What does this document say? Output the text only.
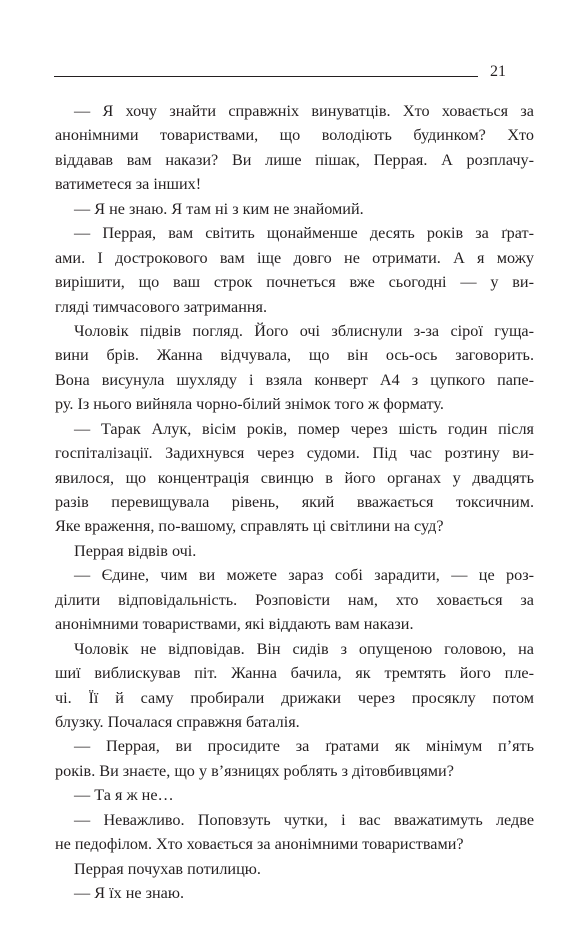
21
— Я хочу знайти справжніх винуватців. Хто ховається за
анонімними товариствами, що володіють будинком? Хто
віддавав вам накази? Ви лише пішак, Перрая. А розплачу-
ватиметеся за інших!
— Я не знаю. Я там ні з ким не знайомий.
— Перрая, вам світить щонайменше десять років за ґрат-
ами. І дострокового вам іще довго не отримати. А я можу
вирішити, що ваш строк почнеться вже сьогодні — у ви-
гляді тимчасового затримання.
Чоловік підвів погляд. Його очі зблиснули з-за сірої гуща-
вини брів. Жанна відчувала, що він ось-ось заговорить.
Вона висунула шухляду і взяла конверт А4 з цупкого папе-
ру. Із нього вийняла чорно-білий знімок того ж формату.
— Тарак Алук, вісім років, помер через шість годин після
госпіталізації. Задихнувся через судоми. Під час розтину ви-
явилося, що концентрація свинцю в його органах у двадцять
разів перевищувала рівень, який вважається токсичним.
Яке враження, по-вашому, справлять ці світлини на суд?
Перрая відвів очі.
— Єдине, чим ви можете зараз собі зарадити, — це роз-
ділити відповідальність. Розповісти нам, хто ховається за
анонімними товариствами, які віддають вам накази.
Чоловік не відповідав. Він сидів з опущеною головою, на
шиї виблискував піт. Жанна бачила, як тремтять його пле-
чі. Її й саму пробирали дрижаки через просяклу потом
блузку. Почалася справжня баталія.
— Перрая, ви просидите за ґратами як мінімум п’ять
років. Ви знаєте, що у в’язницях роблять з дітовбивцями?
— Та я ж не…
— Неважливо. Поповзуть чутки, і вас вважатимуть ледве
не педофілом. Хто ховається за анонімними товариствами?
Перрая почухав потилицю.
— Я їх не знаю.
